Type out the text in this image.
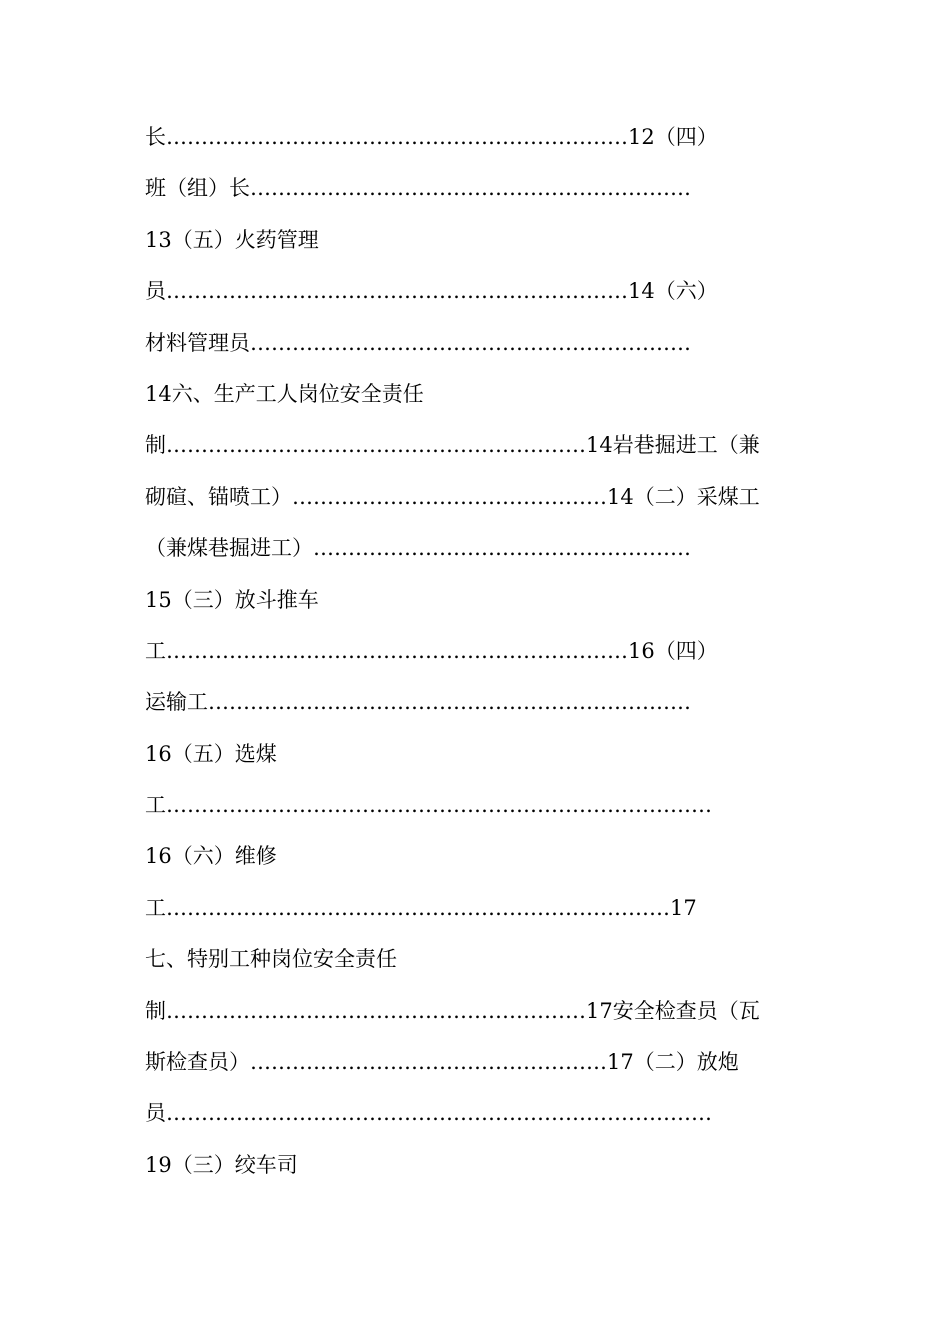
长…………………………………………………………12（四）
班（组）长………………………………………………………
13（五）火药管理
员…………………………………………………………14（六）
材料管理员………………………………………………………
14六、生产工人岗位安全责任
制……………………………………………………14岩巷掘进工（兼
砌碹、锚喷工）………………………………………14（二）采煤工
（兼煤巷掘进工）………………………………………………
15（三）放斗推车
工…………………………………………………………16（四）
运输工……………………………………………………………
16（五）选煤
工……………………………………………………………………
16（六）维修
工………………………………………………………………17
七、特别工种岗位安全责任
制……………………………………………………17安全检查员（瓦
斯检查员）……………………………………………17（二）放炮
员……………………………………………………………………
19（三）绞车司
